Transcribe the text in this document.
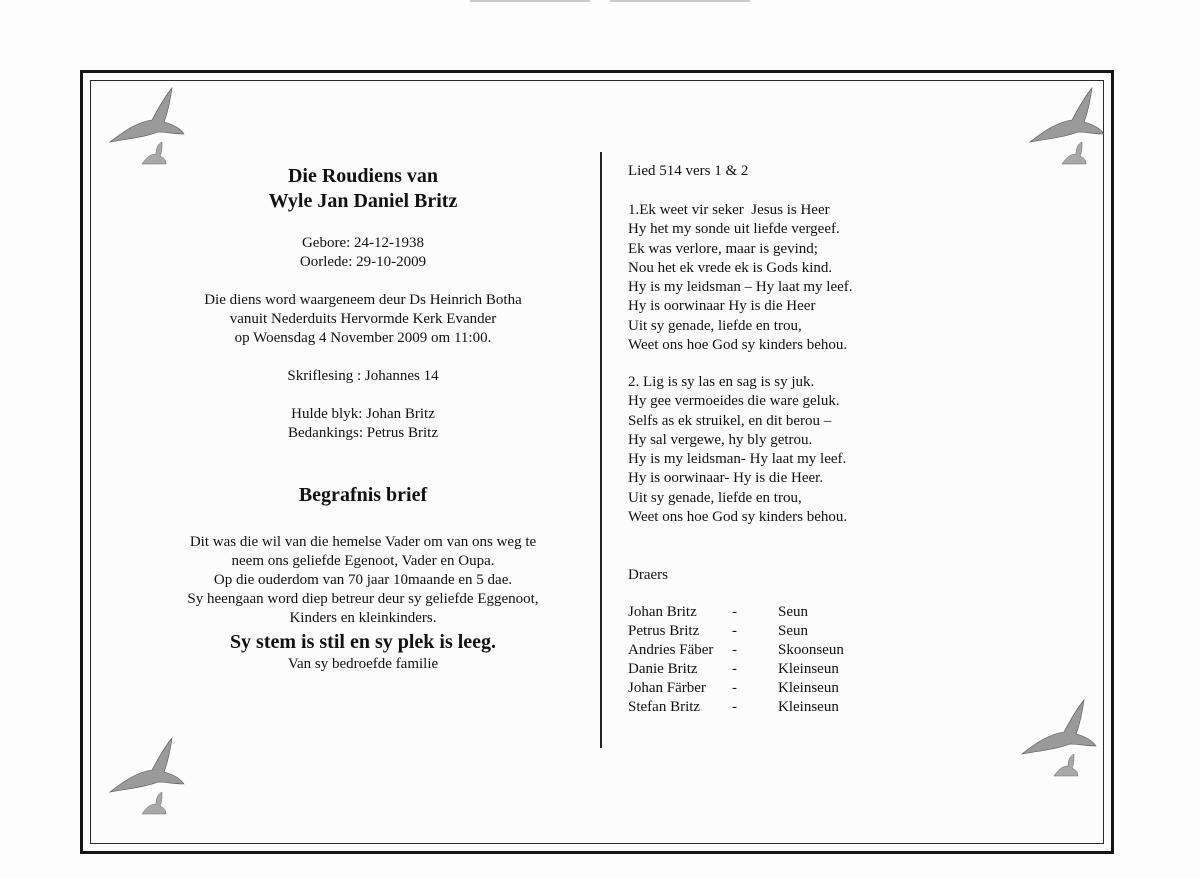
Die Roudiens van
Wyle Jan Daniel Britz
Gebore: 24-12-1938
Oorlede: 29-10-2009
Die diens word waargeneem deur Ds Heinrich Botha
vanuit Nederduits Hervormde Kerk Evander
op Woensdag 4 November 2009 om 11:00.
Skriflesing : Johannes 14
Hulde blyk: Johan Britz
Bedankings: Petrus Britz
Begrafnis brief
Dit was die wil van die hemelse Vader om van ons weg te
neem ons geliefde Egenoot, Vader en Oupa.
Op die ouderdom van 70 jaar 10maande en 5 dae.
Sy heengaan word diep betreur deur sy geliefde Eggenoot,
Kinders en kleinkinders.
Sy stem is stil en sy plek is leeg.
Van sy bedroefde familie
Lied 514 vers 1 & 2
1.Ek weet vir seker  Jesus is Heer
Hy het my sonde uit liefde vergeef.
Ek was verlore, maar is gevind;
Nou het ek vrede ek is Gods kind.
Hy is my leidsman – Hy laat my leef.
Hy is oorwinaar Hy is die Heer
Uit sy genade, liefde en trou,
Weet ons hoe God sy kinders behou.
2. Lig is sy las en sag is sy juk.
Hy gee vermoeides die ware geluk.
Selfs as ek struikel, en dit berou –
Hy sal vergewe, hy bly getrou.
Hy is my leidsman- Hy laat my leef.
Hy is oorwinaar- Hy is die Heer.
Uit sy genade, liefde en trou,
Weet ons hoe God sy kinders behou.
Draers
Johan Britz -	Seun
Petrus Britz -	Seun
Andries Fäber -	Skoonseun
Danie Britz -	Kleinseun
Johan Färber -	Kleinseun
Stefan Britz -	Kleinseun
